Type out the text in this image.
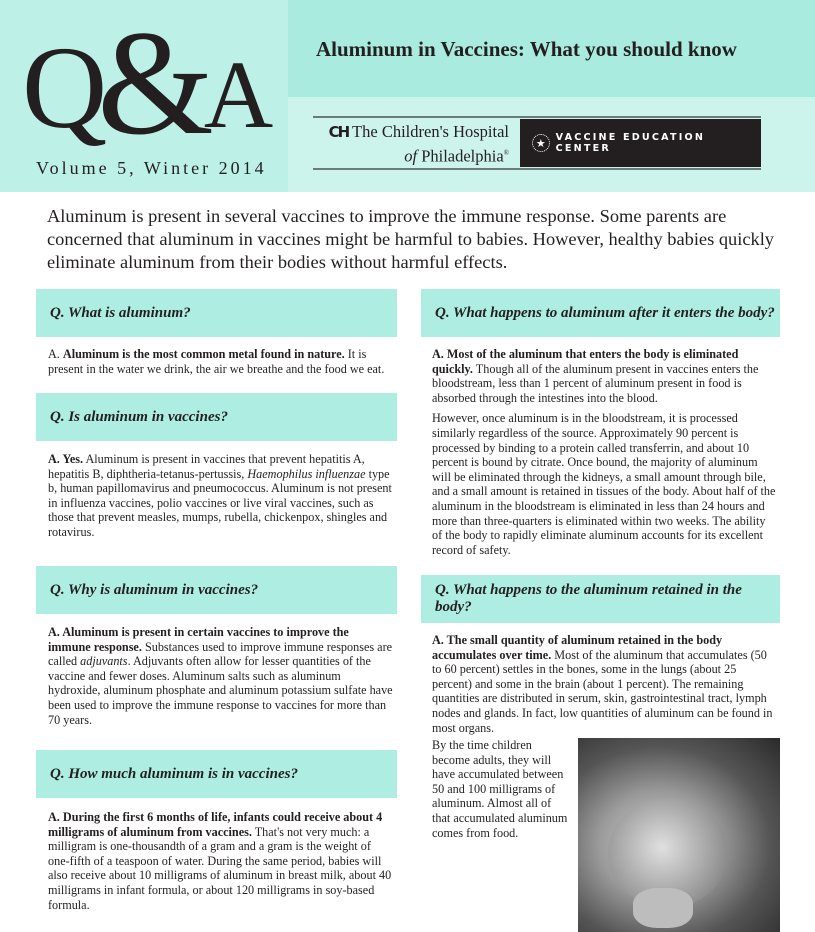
Q&A
Volume 5, Winter 2014
Aluminum in Vaccines: What you should know
CH The Children's Hospital
of Philadelphia®
★	VACCINE EDUCATION CENTER
Aluminum is present in several vaccines to improve the immune response. Some parents are concerned that aluminum in vaccines might be harmful to babies. However, healthy babies quickly eliminate aluminum from their bodies without harmful effects.
Q. What is aluminum?
A. Aluminum is the most common metal found in nature. It is present in the water we drink, the air we breathe and the food we eat.
Q. Is aluminum in vaccines?
A. Yes. Aluminum is present in vaccines that prevent hepatitis A, hepatitis B, diphtheria-tetanus-pertussis, Haemophilus influenzae type b, human papillomavirus and pneumococcus. Aluminum is not present in influenza vaccines, polio vaccines or live viral vaccines, such as those that prevent measles, mumps, rubella, chickenpox, shingles and rotavirus.
Q. Why is aluminum in vaccines?
A. Aluminum is present in certain vaccines to improve the immune response. Substances used to improve immune responses are called adjuvants. Adjuvants often allow for lesser quantities of the vaccine and fewer doses. Aluminum salts such as aluminum hydroxide, aluminum phosphate and aluminum potassium sulfate have been used to improve the immune response to vaccines for more than 70 years.
Q. How much aluminum is in vaccines?
A. During the first 6 months of life, infants could receive about 4 milligrams of aluminum from vaccines. That's not very much: a milligram is one-thousandth of a gram and a gram is the weight of one-fifth of a teaspoon of water. During the same period, babies will also receive about 10 milligrams of aluminum in breast milk, about 40 milligrams in infant formula, or about 120 milligrams in soy-based formula.
Q. What happens to aluminum after it enters the body?

A. Most of the aluminum that enters the body is eliminated quickly. Though all of the aluminum present in vaccines enters the bloodstream, less than 1 percent of aluminum present in food is absorbed through the intestines into the blood.

However, once aluminum is in the bloodstream, it is processed similarly regardless of the source. Approximately 90 percent is processed by binding to a protein called transferrin, and about 10 percent is bound by citrate. Once bound, the majority of aluminum will be eliminated through the kidneys, a small amount through bile, and a small amount is retained in tissues of the body. About half of the aluminum in the bloodstream is eliminated in less than 24 hours and more than three-quarters is eliminated within two weeks. The ability of the body to rapidly eliminate aluminum accounts for its excellent record of safety.

Q. What happens to the aluminum retained in the body?
A. The small quantity of aluminum retained in the body accumulates over time. Most of the aluminum that accumulates (50 to 60 percent) settles in the bones, some in the lungs (about 25 percent) and some in the brain (about 1 percent). The remaining quantities are distributed in serum, skin, gastrointestinal tract, lymph nodes and glands. In fact, low quantities of aluminum can be found in most organs.
By the time children become adults, they will have accumulated between 50 and 100 milligrams of aluminum. Almost all of that accumulated aluminum comes from food.
